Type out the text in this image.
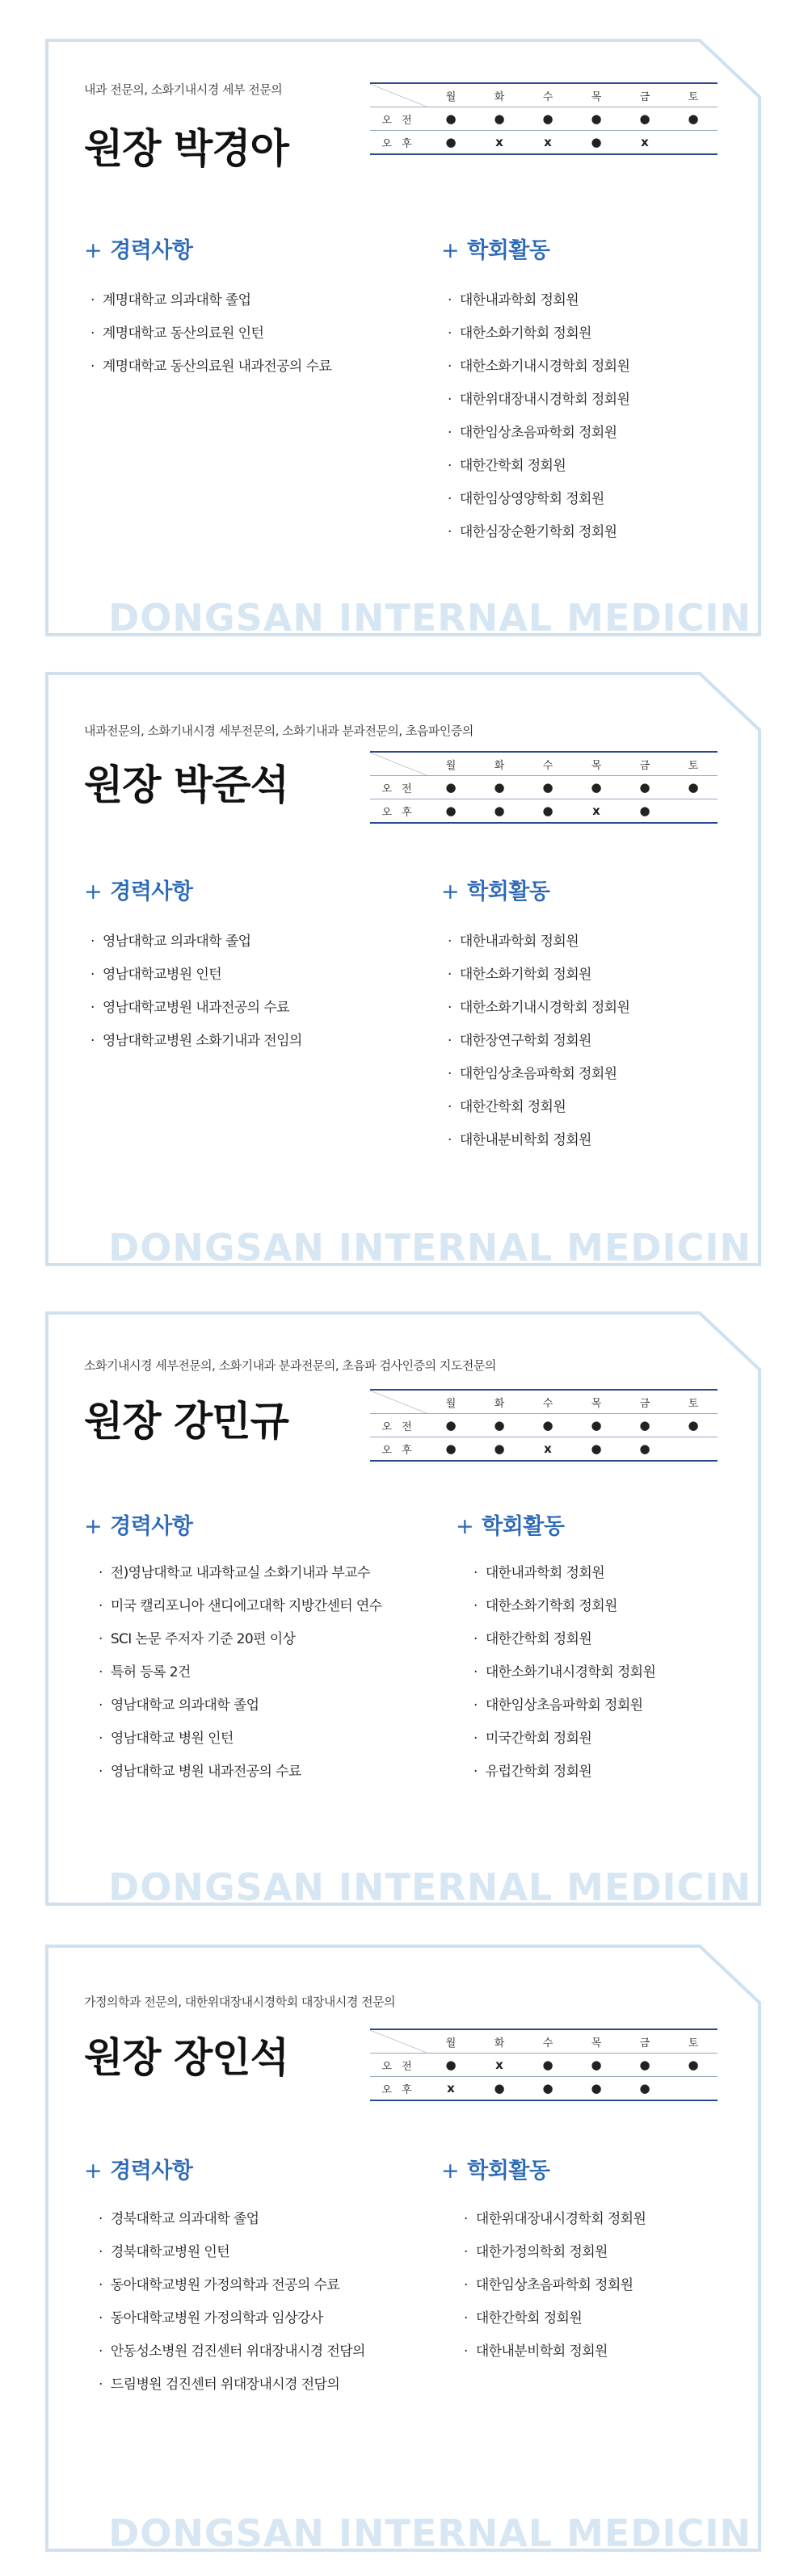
내과 전문의, 소화기내시경 세부 전문의
원장 박경아
	월	화	수	목	금	토
오 전	●	●	●	●	●	●
오 후	●	x	x	●	x	
+ 경력사항
· 계명대학교 의과대학 졸업
· 계명대학교 동산의료원 인턴
· 계명대학교 동산의료원 내과전공의 수료
+ 학회활동
· 대한내과학회 정회원
· 대한소화기학회 정회원
· 대한소화기내시경학회 정회원
· 대한위대장내시경학회 정회원
· 대한임상초음파학회 정회원
· 대한간학회 정회원
· 대한임상영양학회 정회원
· 대한심장순환기학회 정회원
DONGSAN INTERNAL MEDICIN
내과전문의, 소화기내시경 세부전문의, 소화기내과 분과전문의, 초음파인증의
원장 박준석
		월	화	수	목	금	토
오 전	●	●	●	●	●	●
오 후	●	●	●	x	●	
+ 경력사항
· 영남대학교 의과대학 졸업
· 영남대학교병원 인턴
· 영남대학교병원 내과전공의 수료
· 영남대학교병원 소화기내과 전임의
+ 학회활동
· 대한내과학회 정회원
· 대한소화기학회 정회원
· 대한소화기내시경학회 정회원
· 대한장연구학회 정회원
· 대한임상초음파학회 정회원
· 대한간학회 정회원
· 대한내분비학회 정회원
DONGSAN INTERNAL MEDICIN
소화기내시경 세부전문의, 소화기내과 분과전문의, 초음파 검사인증의 지도전문의
원장 강민규
		월	화	수	목	금	토
오 전	●	●	●	●	●	●
오 후	●	●	x	●	●	
+ 경력사항
· 전)영남대학교 내과학교실 소화기내과 부교수
· 미국 캘리포니아 샌디에고대학 지방간센터 연수
· SCI 논문 주저자 기준 20편 이상
· 특허 등록 2건
· 영남대학교 의과대학 졸업
· 영남대학교 병원 인턴
· 영남대학교 병원 내과전공의 수료
+ 학회활동
· 대한내과학회 정회원
· 대한소화기학회 정회원
· 대한간학회 정회원
· 대한소화기내시경학회 정회원
· 대한임상초음파학회 정회원
· 미국간학회 정회원
· 유럽간학회 정회원
DONGSAN INTERNAL MEDICIN
가정의학과 전문의, 대한위대장내시경학회 대장내시경 전문의
원장 장인석
		월	화	수	목	금	토
오 전	●	x	●	●	●	●
오 후	x	●	●	●	●	
+ 경력사항
· 경북대학교 의과대학 졸업
· 경북대학교병원 인턴
· 동아대학교병원 가정의학과 전공의 수료
· 동아대학교병원 가정의학과 임상강사
· 안동성소병원 검진센터 위대장내시경 전담의
· 드림병원 검진센터 위대장내시경 전담의
+ 학회활동
· 대한위대장내시경학회 정회원
· 대한가정의학회 정회원
· 대한임상초음파학회 정회원
· 대한간학회 정회원
· 대한내분비학회 정회원
DONGSAN INTERNAL MEDICIN
